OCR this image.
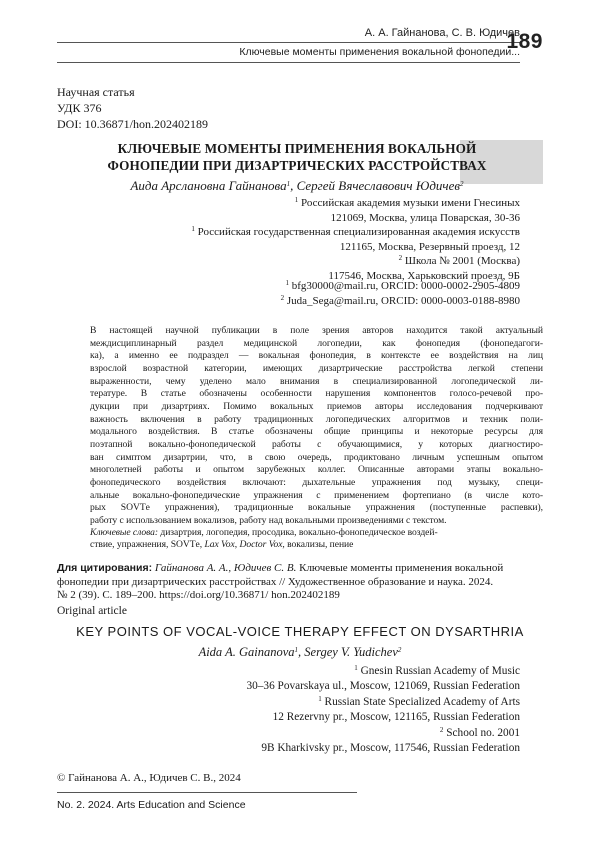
А. А. Гайнанова, С. В. Юдичев
Ключевые моменты применения вокальной фонопедии...
189
Научная статья
УДК 376
DOI: 10.36871/hon.202402189
КЛЮЧЕВЫЕ МОМЕНТЫ ПРИМЕНЕНИЯ ВОКАЛЬНОЙ
ФОНОПЕДИИ ПРИ ДИЗАРТРИЧЕСКИХ РАССТРОЙСТВАХ
Аида Арслановна Гайнанова$^1$, Сергей Вячеславович Юдичев$^2$
$^1$ Российская академия музыки имени Гнесиных
121069, Москва, улица Поварская, 30-36
$^1$ Российская государственная специализированная академия искусств
121165, Москва, Резервный проезд, 12
$^2$ Школа № 2001 (Москва)
117546, Москва, Харьковский проезд, 9Б
$^1$ bfg30000@mail.ru, ORCID: 0000-0002-2905-4809
$^2$ Juda_Sega@mail.ru, ORCID: 0000-0003-0188-8980
В настоящей научной публикации в поле зрения авторов находится такой актуальный
междисциплинарный раздел медицинской логопедии, как фонопедия (фонопедагоги-
ка), а именно ее подраздел — вокальная фонопедия, в контексте ее воздействия на лиц
взрослой возрастной категории, имеющих дизартрические расстройства легкой степени
выраженности, чему уделено мало внимания в специализированной логопедической ли-
тературе. В статье обозначены особенности нарушения компонентов голосо-речевой про-
дукции при дизартриях. Помимо вокальных приемов авторы исследования подчеркивают
важность включения в работу традиционных логопедических алгоритмов и техник поли-
модального воздействия. В статье обозначены общие принципы и некоторые ресурсы для
поэтапной вокально-фонопедической работы с обучающимися, у которых диагностиро-
ван симптом дизартрии, что, в свою очередь, продиктовано личным успешным опытом
многолетней работы и опытом зарубежных коллег. Описанные авторами этапы вокально-
фонопедического воздействия включают: дыхательные упражнения под музыку, специ-
альные вокально-фонопедические упражнения с применением фортепиано (в числе кото-
рых SOVTе упражнения), традиционные вокальные упражнения (поступенные распевки),
работу с использованием вокализов, работу над вокальными произведениями с текстом.
Ключевые слова: дизартрия, логопедия, просодика, вокально-фонопедическое воздей-
ствие, упражнения, SOVTе, Lax Vox, Doctor Vox, вокализы, пение
Для цитирования: Гайнанова А. А., Юдичев С. В. Ключевые моменты применения вокальной
фонопедии при дизартрических расстройствах // Художественное образование и наука. 2024.
№ 2 (39). С. 189–200. https://doi.org/10.36871/ hon.202402189
Original article
KEY POINTS OF VOCAL-VOICE THERAPY EFFECT ON DYSARTHRIA
Aida A. Gainanova$^1$, Sergey V. Yudichev$^2$
$^1$ Gnesin Russian Academy of Music
30–36 Povarskaya ul., Moscow, 121069, Russian Federation
$^1$ Russian State Specialized Academy of Arts
12 Rezervny pr., Moscow, 121165, Russian Federation
$^2$ School no. 2001
9B Kharkivsky pr., Moscow, 117546, Russian Federation
© Гайнанова А. А., Юдичев С. В., 2024
No. 2. 2024. Arts Education and Science
